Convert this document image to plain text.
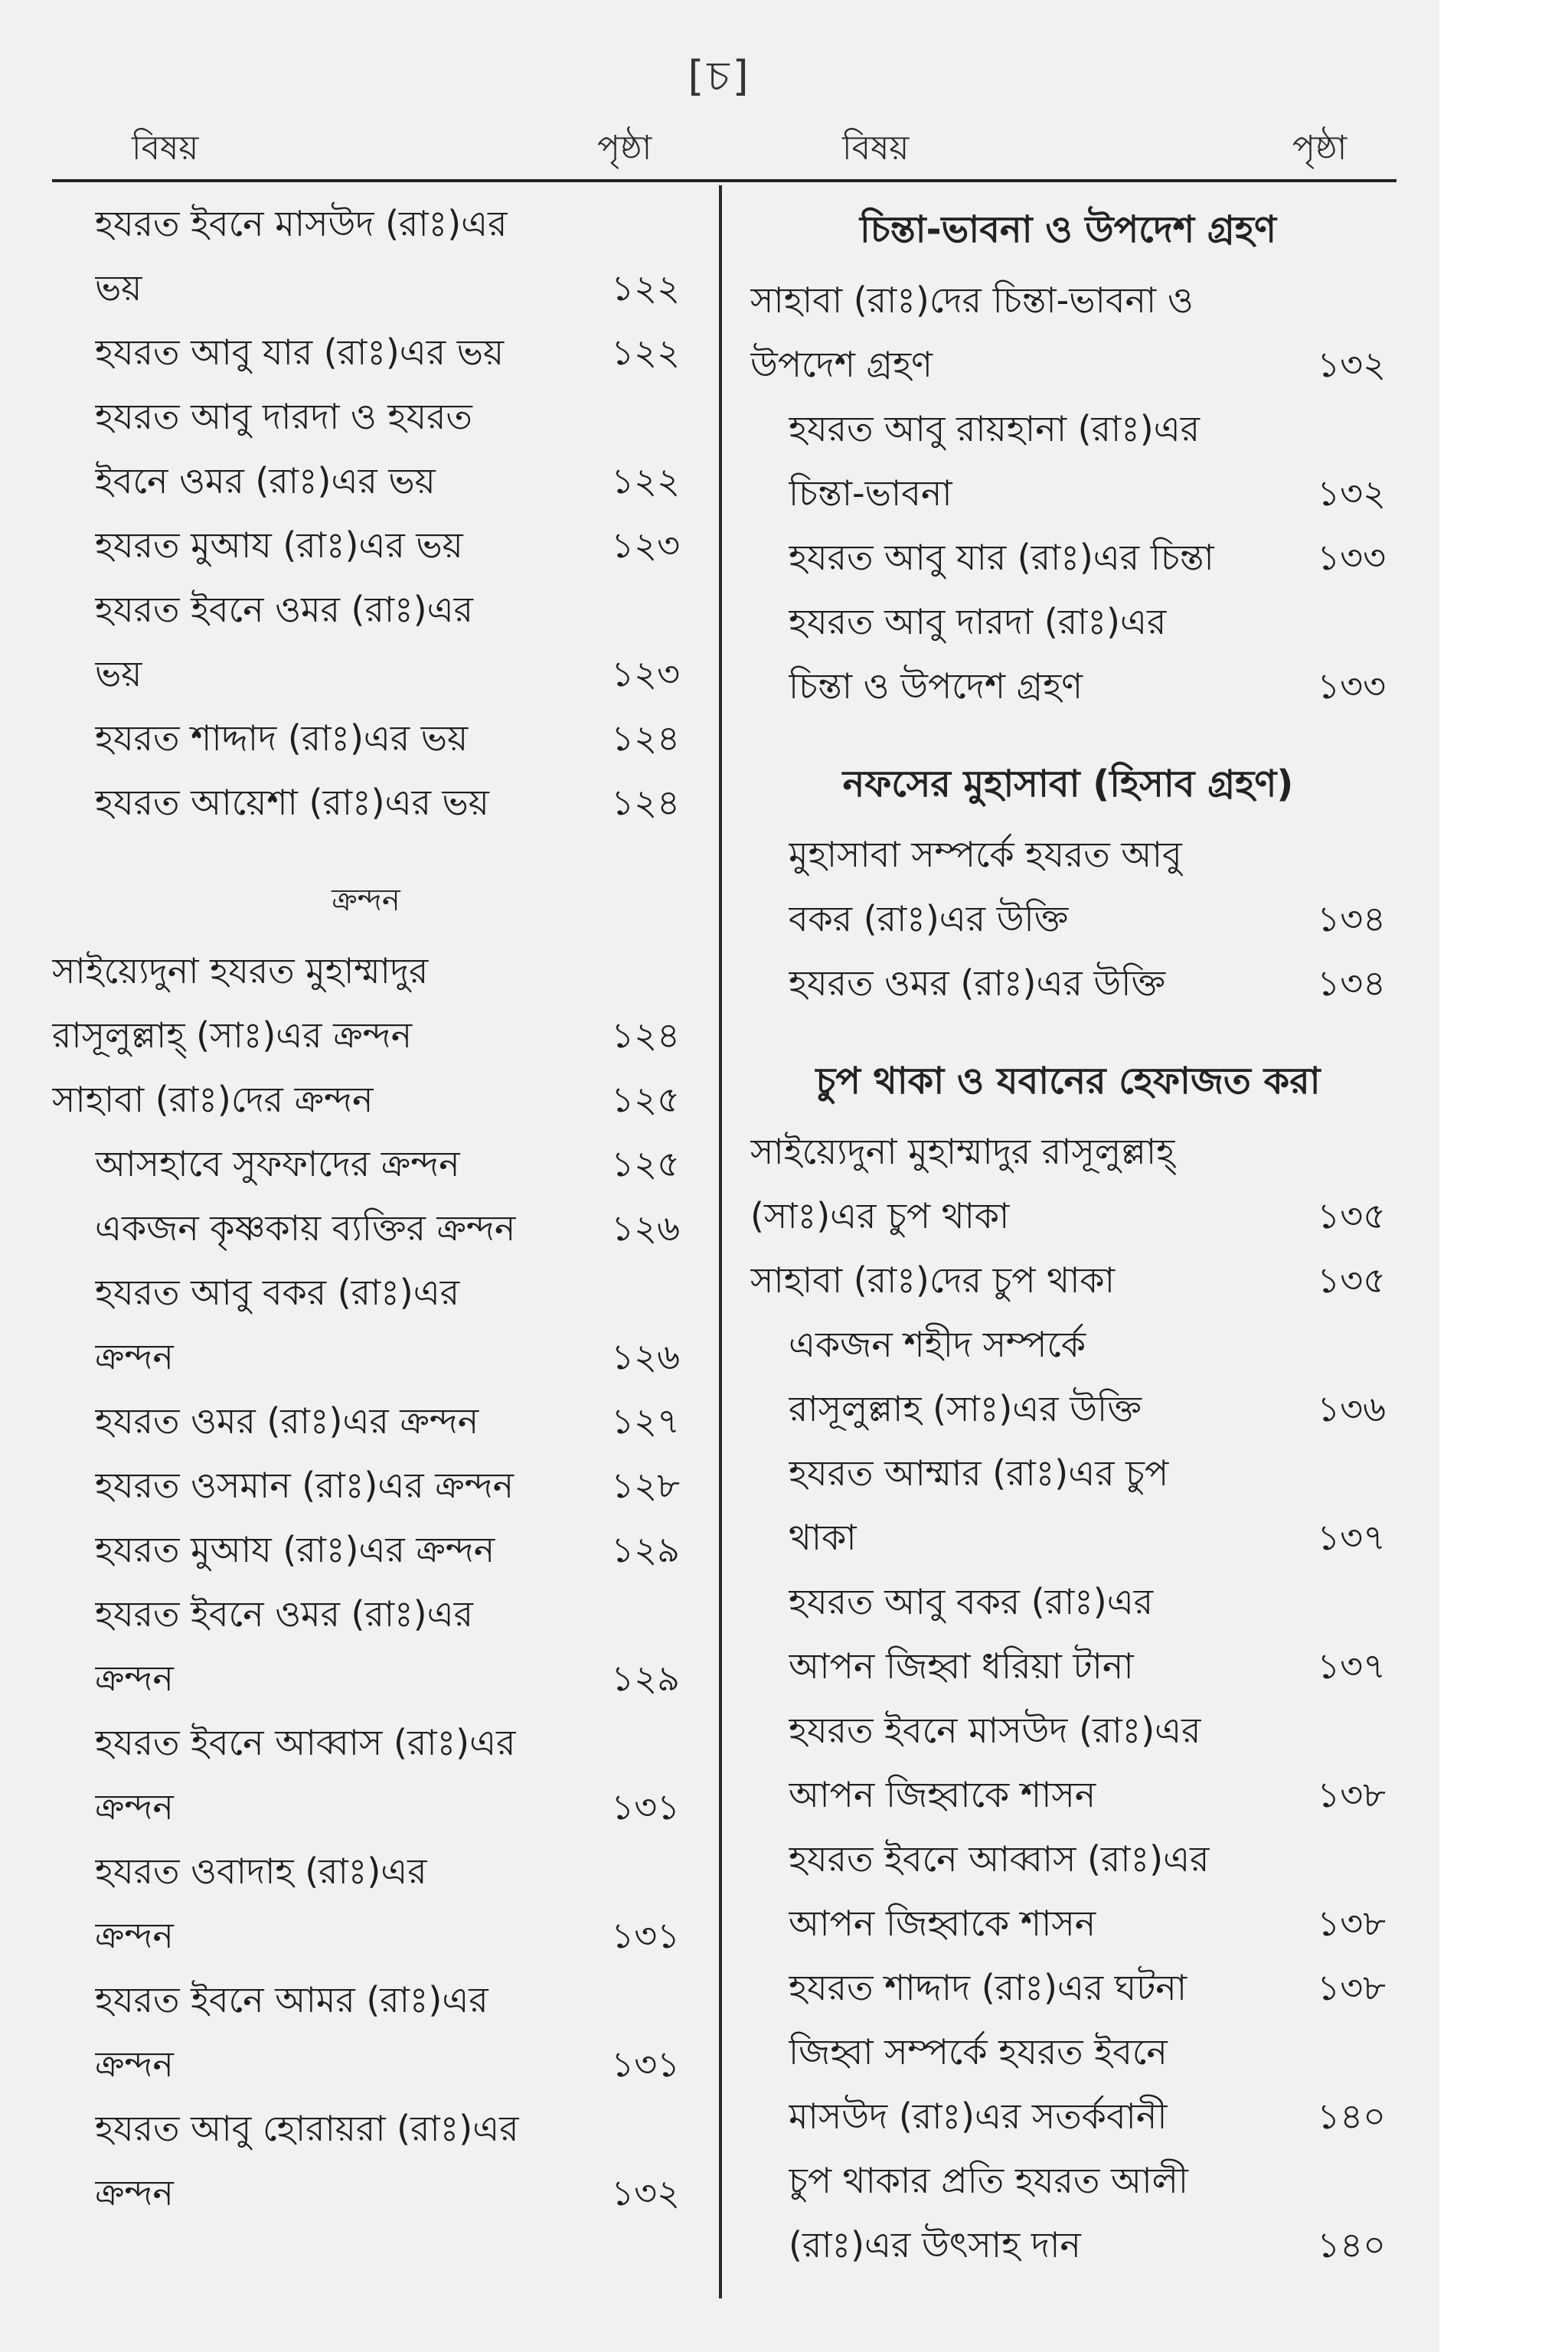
[চ]
বিষয়	পৃষ্ঠা	বিষয়	পৃষ্ঠা
হযরত ইবনে মাসউদ (রাঃ)এর
ভয়	১২২
হযরত আবু যার (রাঃ)এর ভয়	১২২
হযরত আবু দারদা ও হযরত
ইবনে ওমর (রাঃ)এর ভয়	১২২
হযরত মুআয (রাঃ)এর ভয়	১২৩
হযরত ইবনে ওমর (রাঃ)এর
ভয়	১২৩
হযরত শাদ্দাদ (রাঃ)এর ভয়	১২৪
হযরত আয়েশা (রাঃ)এর ভয়	১২৪
ক্রন্দন
সাইয়্যেদুনা হযরত মুহাম্মাদুর
রাসূলুল্লাহ্ (সাঃ)এর ক্রন্দন	১২৪
সাহাবা (রাঃ)দের ক্রন্দন	১২৫
আসহাবে সুফফাদের ক্রন্দন	১২৫
একজন কৃষ্ণকায় ব্যক্তির ক্রন্দন	১২৬
হযরত আবু বকর (রাঃ)এর
ক্রন্দন	১২৬
হযরত ওমর (রাঃ)এর ক্রন্দন	১২৭
হযরত ওসমান (রাঃ)এর ক্রন্দন	১২৮
হযরত মুআয (রাঃ)এর ক্রন্দন	১২৯
হযরত ইবনে ওমর (রাঃ)এর
ক্রন্দন	১২৯
হযরত ইবনে আব্বাস (রাঃ)এর
ক্রন্দন	১৩১
হযরত ওবাদাহ (রাঃ)এর
ক্রন্দন	১৩১
হযরত ইবনে আমর (রাঃ)এর
ক্রন্দন	১৩১
হযরত আবু হোরায়রা (রাঃ)এর
ক্রন্দন	১৩২
চিন্তা-ভাবনা ও উপদেশ গ্রহণ
সাহাবা (রাঃ)দের চিন্তা-ভাবনা ও
উপদেশ গ্রহণ	১৩২
হযরত আবু রায়হানা (রাঃ)এর
চিন্তা-ভাবনা	১৩২
হযরত আবু যার (রাঃ)এর চিন্তা	১৩৩
হযরত আবু দারদা (রাঃ)এর
চিন্তা ও উপদেশ গ্রহণ	১৩৩
নফসের মুহাসাবা (হিসাব গ্রহণ)
মুহাসাবা সম্পর্কে হযরত আবু
বকর (রাঃ)এর উক্তি	১৩৪
হযরত ওমর (রাঃ)এর উক্তি	১৩৪
চুপ থাকা ও যবানের হেফাজত করা
সাইয়্যেদুনা মুহাম্মাদুর রাসূলুল্লাহ্
(সাঃ)এর চুপ থাকা	১৩৫
সাহাবা (রাঃ)দের চুপ থাকা	১৩৫
একজন শহীদ সম্পর্কে
রাসূলুল্লাহ (সাঃ)এর উক্তি	১৩৬
হযরত আম্মার (রাঃ)এর চুপ
থাকা	১৩৭
হযরত আবু বকর (রাঃ)এর
আপন জিহ্বা ধরিয়া টানা	১৩৭
হযরত ইবনে মাসউদ (রাঃ)এর
আপন জিহ্বাকে শাসন	১৩৮
হযরত ইবনে আব্বাস (রাঃ)এর
আপন জিহ্বাকে শাসন	১৩৮
হযরত শাদ্দাদ (রাঃ)এর ঘটনা	১৩৮
জিহ্বা সম্পর্কে হযরত ইবনে
মাসউদ (রাঃ)এর সতর্কবানী	১৪০
চুপ থাকার প্রতি হযরত আলী
(রাঃ)এর উৎসাহ দান	১৪০
